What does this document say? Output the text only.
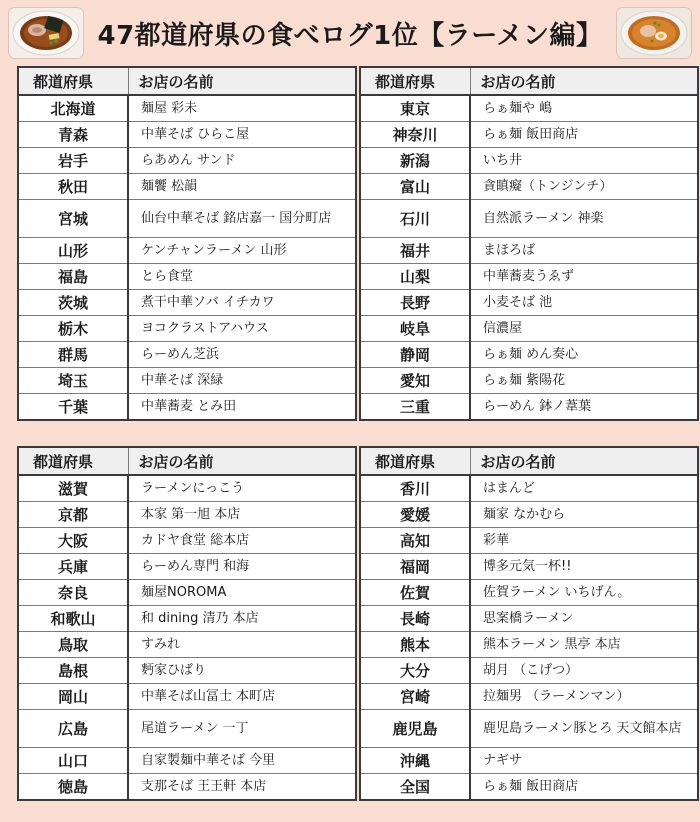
47都道府県の食べログ1位【ラーメン編】
都道府県	お店の名前
北海道	麺屋 彩未
青森	中華そば ひらこ屋
岩手	らあめん サンド
秋田	麺饗 松韻
宮城	仙台中華そば 銘店嘉一 国分町店
山形	ケンチャンラーメン 山形
福島	とら食堂
茨城	煮干中華ソバ イチカワ
栃木	ヨコクラストアハウス
群馬	らーめん芝浜
埼玉	中華そば 深緑
千葉	中華蕎麦 とみ田
都道府県	お店の名前
東京	らぁ麺や 嶋
神奈川	らぁ麺 飯田商店
新潟	いち井
富山	貪瞋癡（トンジンチ）
石川	自然派ラーメン 神楽
福井	まほろば
山梨	中華蕎麦うゑず
長野	小麦そば 池
岐阜	信濃屋
静岡	らぁ麺 めん奏心
愛知	らぁ麺 紫陽花
三重	らーめん 鉢ノ葦葉
都道府県	お店の名前
滋賀	ラーメンにっこう
京都	本家 第一旭 本店
大阪	カドヤ食堂 総本店
兵庫	らーめん専門 和海
奈良	麺屋NOROMA
和歌山	和 dining 清乃 本店
鳥取	すみれ
島根	麪家ひばり
岡山	中華そば山冨士 本町店
広島	尾道ラーメン 一丁
山口	自家製麺中華そば 今里
徳島	支那そば 王王軒 本店
都道府県	お店の名前
香川	はまんど
愛媛	麺家 なかむら
高知	彩華
福岡	博多元気一杯!!
佐賀	佐賀ラーメン いちげん。
長崎	思案橋ラーメン
熊本	熊本ラーメン 黒亭 本店
大分	胡月 （こげつ）
宮崎	拉麺男 （ラーメンマン）
鹿児島	鹿児島ラーメン豚とろ 天文館本店
沖縄	ナギサ
全国	らぁ麺 飯田商店
